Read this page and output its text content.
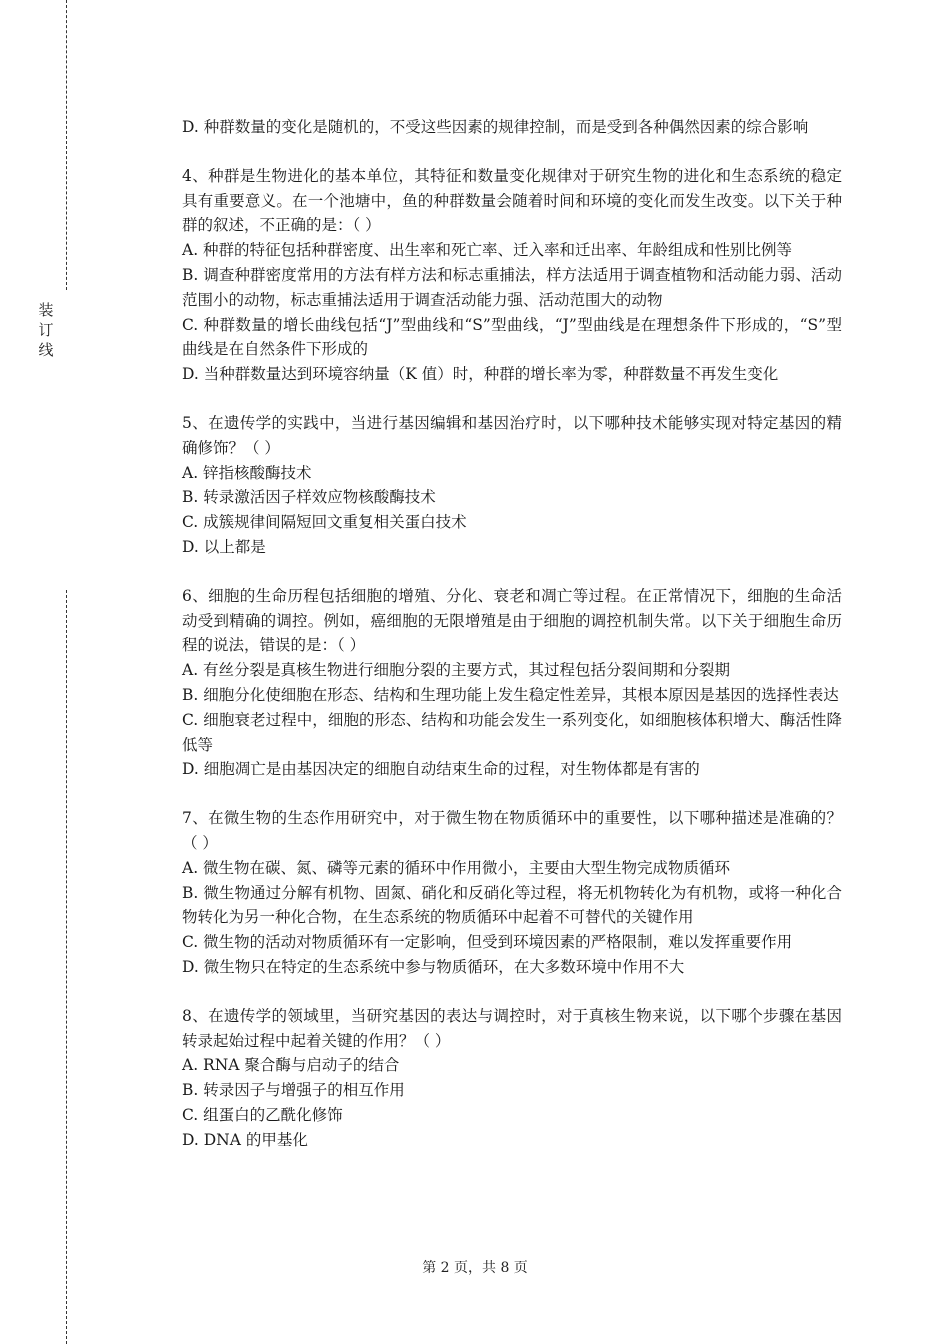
装
订
线

D. 种群数量的变化是随机的，不受这些因素的规律控制，而是受到各种偶然因素的综合影响

4、种群是生物进化的基本单位，其特征和数量变化规律对于研究生物的进化和生态系统的稳定具有重要意义。在一个池塘中，鱼的种群数量会随着时间和环境的变化而发生改变。以下关于种群的叙述，不正确的是：（ ）

A. 种群的特征包括种群密度、出生率和死亡率、迁入率和迁出率、年龄组成和性别比例等

B. 调查种群密度常用的方法有样方法和标志重捕法，样方法适用于调查植物和活动能力弱、活动范围小的动物，标志重捕法适用于调查活动能力强、活动范围大的动物

C. 种群数量的增长曲线包括“J”型曲线和“S”型曲线，“J”型曲线是在理想条件下形成的，“S”型曲线是在自然条件下形成的

D. 当种群数量达到环境容纳量（K 值）时，种群的增长率为零，种群数量不再发生变化

5、在遗传学的实践中，当进行基因编辑和基因治疗时，以下哪种技术能够实现对特定基因的精确修饰？（ ）

A. 锌指核酸酶技术

B. 转录激活因子样效应物核酸酶技术

C. 成簇规律间隔短回文重复相关蛋白技术

D. 以上都是

6、细胞的生命历程包括细胞的增殖、分化、衰老和凋亡等过程。在正常情况下，细胞的生命活动受到精确的调控。例如，癌细胞的无限增殖是由于细胞的调控机制失常。以下关于细胞生命历程的说法，错误的是：（ ）

A. 有丝分裂是真核生物进行细胞分裂的主要方式，其过程包括分裂间期和分裂期

B. 细胞分化使细胞在形态、结构和生理功能上发生稳定性差异，其根本原因是基因的选择性表达

C. 细胞衰老过程中，细胞的形态、结构和功能会发生一系列变化，如细胞核体积增大、酶活性降低等

D. 细胞凋亡是由基因决定的细胞自动结束生命的过程，对生物体都是有害的

7、在微生物的生态作用研究中，对于微生物在物质循环中的重要性，以下哪种描述是准确的？（ ）

A. 微生物在碳、氮、磷等元素的循环中作用微小，主要由大型生物完成物质循环

B. 微生物通过分解有机物、固氮、硝化和反硝化等过程，将无机物转化为有机物，或将一种化合物转化为另一种化合物，在生态系统的物质循环中起着不可替代的关键作用

C. 微生物的活动对物质循环有一定影响，但受到环境因素的严格限制，难以发挥重要作用

D. 微生物只在特定的生态系统中参与物质循环，在大多数环境中作用不大

8、在遗传学的领域里，当研究基因的表达与调控时，对于真核生物来说，以下哪个步骤在基因转录起始过程中起着关键的作用？（ ）

A. RNA 聚合酶与启动子的结合

B. 转录因子与增强子的相互作用

C. 组蛋白的乙酰化修饰

D. DNA 的甲基化

第 2 页，共 8 页
